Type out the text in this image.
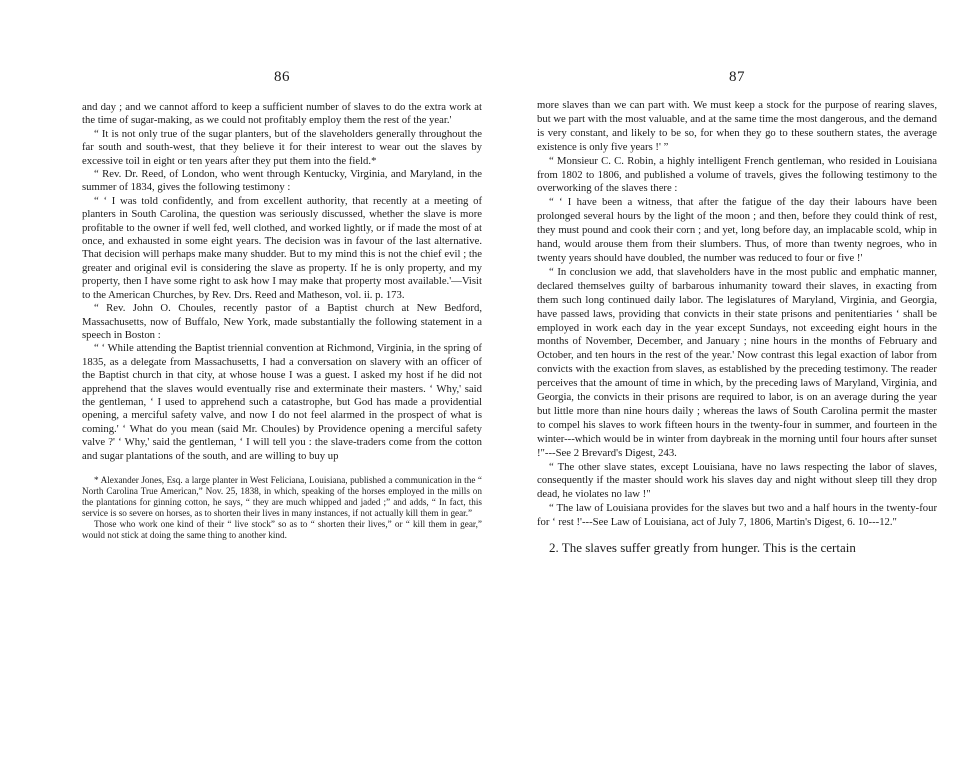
86

and day ; and we cannot afford to keep a sufficient number of slaves to do the extra work at the time of sugar-making, as we could not profitably employ them the rest of the year.'

“ It is not only true of the sugar planters, but of the slaveholders generally throughout the far south and south-west, that they believe it for their interest to wear out the slaves by excessive toil in eight or ten years after they put them into the field.*

“ Rev. Dr. Reed, of London, who went through Kentucky, Virginia, and Maryland, in the summer of 1834, gives the following testimony :

“ ‘ I was told confidently, and from excellent authority, that recently at a meeting of planters in South Carolina, the question was seriously discussed, whether the slave is more profitable to the owner if well fed, well clothed, and worked lightly, or if made the most of at once, and exhausted in some eight years. The decision was in favour of the last alternative. That decision will perhaps make many shudder. But to my mind this is not the chief evil ; the greater and original evil is considering the slave as property. If he is only property, and my property, then I have some right to ask how I may make that property most available.'—Visit to the American Churches, by Rev. Drs. Reed and Matheson, vol. ii. p. 173.

“ Rev. John O. Choules, recently pastor of a Baptist church at New Bedford, Massachusetts, now of Buffalo, New York, made substantially the following statement in a speech in Boston :

“ ‘ While attending the Baptist triennial convention at Richmond, Virginia, in the spring of 1835, as a delegate from Massachusetts, I had a conversation on slavery with an officer of the Baptist church in that city, at whose house I was a guest. I asked my host if he did not apprehend that the slaves would eventually rise and exterminate their masters. ‘ Why,' said the gentleman, ‘ I used to apprehend such a catastrophe, but God has made a providential opening, a merciful safety valve, and now I do not feel alarmed in the prospect of what is coming.' ‘ What do you mean (said Mr. Choules) by Providence opening a merciful safety valve ?' ‘ Why,' said the gentleman, ‘ I will tell you : the slave-traders come from the cotton and sugar plantations of the south, and are willing to buy up

* Alexander Jones, Esq. a large planter in West Feliciana, Louisiana, published a communication in the “ North Carolina True American,” Nov. 25, 1838, in which, speaking of the horses employed in the mills on the plantations for ginning cotton, he says, “ they are much whipped and jaded ;” and adds, “ In fact, this service is so severe on horses, as to shorten their lives in many instances, if not actually kill them in gear.”

Those who work one kind of their “ live stock” so as to “ shorten their lives,” or “ kill them in gear,” would not stick at doing the same thing to another kind.

87

more slaves than we can part with. We must keep a stock for the purpose of rearing slaves, but we part with the most valuable, and at the same time the most dangerous, and the demand is very constant, and likely to be so, for when they go to these southern states, the average existence is only five years !' ”

“ Monsieur C. C. Robin, a highly intelligent French gentleman, who resided in Louisiana from 1802 to 1806, and published a volume of travels, gives the following testimony to the overworking of the slaves there :

“ ‘ I have been a witness, that after the fatigue of the day their labours have been prolonged several hours by the light of the moon ; and then, before they could think of rest, they must pound and cook their corn ; and yet, long before day, an implacable scold, whip in hand, would arouse them from their slumbers. Thus, of more than twenty negroes, who in twenty years should have doubled, the number was reduced to four or five !'

“ In conclusion we add, that slaveholders have in the most public and emphatic manner, declared themselves guilty of barbarous inhumanity toward their slaves, in exacting from them such long continued daily labor. The legislatures of Maryland, Virginia, and Georgia, have passed laws, providing that convicts in their state prisons and penitentiaries ‘ shall be employed in work each day in the year except Sundays, not exceeding eight hours in the months of November, December, and January ; nine hours in the months of February and October, and ten hours in the rest of the year.' Now contrast this legal exaction of labor from convicts with the exaction from slaves, as established by the preceding testimony. The reader perceives that the amount of time in which, by the preceding laws of Maryland, Virginia, and Georgia, the convicts in their prisons are required to labor, is on an average during the year but little more than nine hours daily ; whereas the laws of South Carolina permit the master to compel his slaves to work fifteen hours in the twenty-four in summer, and fourteen in the winter---which would be in winter from daybreak in the morning until four hours after sunset !"---See 2 Brevard's Digest, 243.

“ The other slave states, except Louisiana, have no laws respecting the labor of slaves, consequently if the master should work his slaves day and night without sleep till they drop dead, he violates no law !"

“ The law of Louisiana provides for the slaves but two and a half hours in the twenty-four for ‘ rest !'---See Law of Louisiana, act of July 7, 1806, Martin's Digest, 6. 10---12."

2. The slaves suffer greatly from hunger. This is the certain
